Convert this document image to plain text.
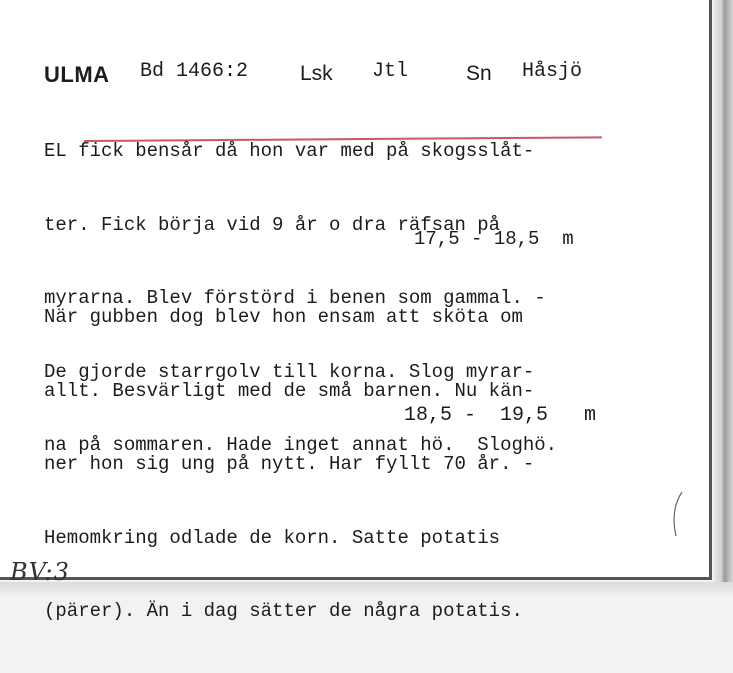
ULMA Bd 1466:2 Lsk Jtl	Sn Håsjö

EL fick bensår då hon var med på skogsslåt-

ter. Fick börja vid 9 år o dra räfsan på

myrarna. Blev förstörd i benen som gammal. -

De gjorde starrgolv till korna. Slog myrar-

na på sommaren. Hade inget annat hö.  Sloghö.

17,5 - 18,5  m

När gubben dog blev hon ensam att sköta om

allt. Besvärligt med de små barnen. Nu kän-

ner hon sig ung på nytt. Har fyllt 70 år. -

Hemomkring odlade de korn. Satte potatis

(pärer). Än i dag sätter de några potatis.

18,5 -  19,5   m
BV:3
